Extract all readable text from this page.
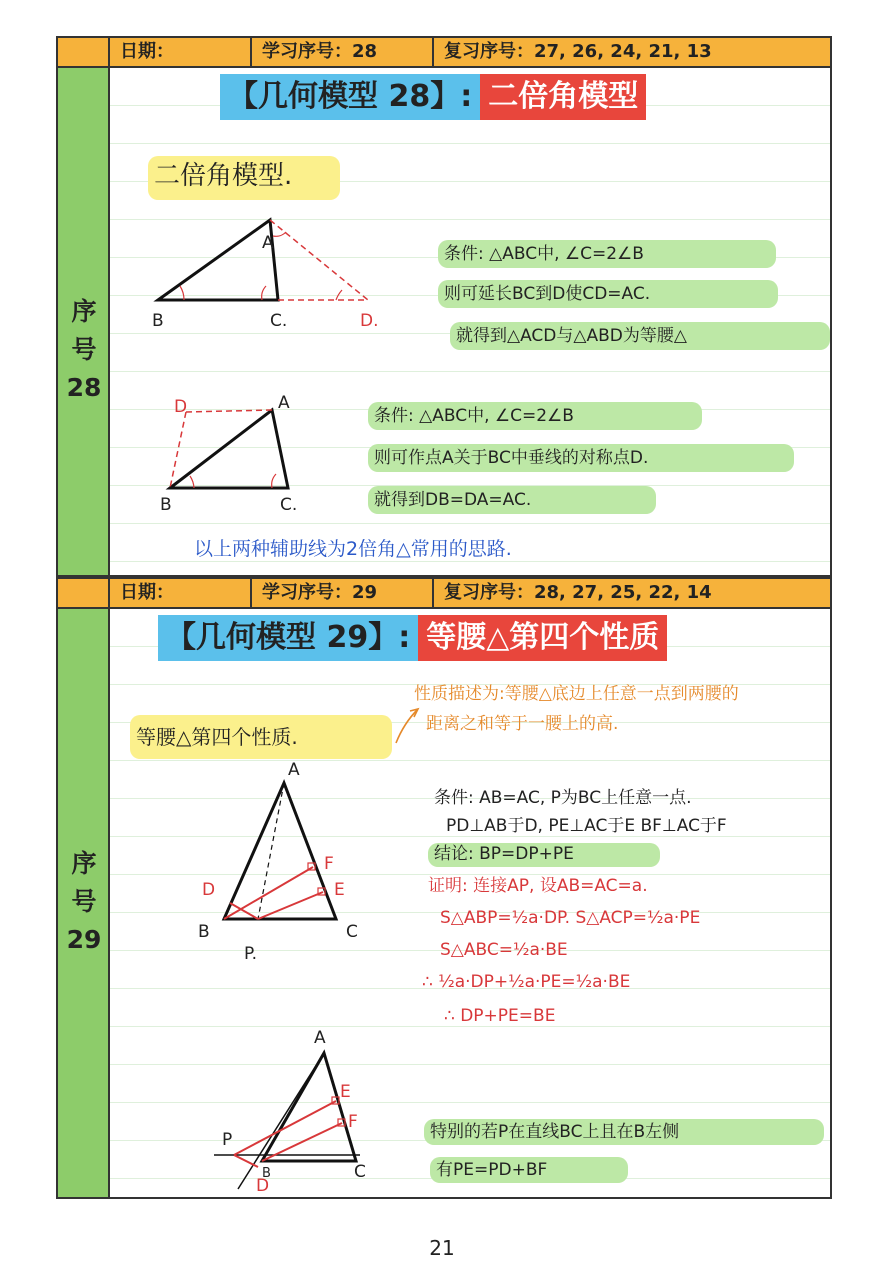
日期：	学习序号：28	复习序号：27, 26, 24, 21, 13
序
号
28
【几何模型 28】: 二倍角模型
二倍角模型.
A
B	C.	D.
条件: △ABC中, ∠C=2∠B
则可延长BC到D使CD=AC.
就得到△ACD与△ABD为等腰△
D	A
B	C.
条件: △ABC中, ∠C=2∠B
则可作点A关于BC中垂线的对称点D.
就得到DB=DA=AC.
以上两种辅助线为2倍角△常用的思路.
日期：	学习序号：29	复习序号：28, 27, 25, 22, 14
序
号
29
【几何模型 29】: 等腰△第四个性质
等腰△第四个性质.
性质描述为:等腰△底边上任意一点到两腰的
距离之和等于一腰上的高.
A
B	C
D	E
F
P.
条件: AB=AC, P为BC上任意一点.
PD⊥AB于D, PE⊥AC于E BF⊥AC于F
结论: BP=DP+PE
证明: 连接AP, 设AB=AC=a.
S△ABP=½a·DP. S△ACP=½a·PE
S△ABC=½a·BE
∴ ½a·DP+½a·PE=½a·BE
∴ DP+PE=BE
A
P
B	C
D
E
F	特别的若P在直线BC上且在B左侧
有PE=PD+BF
21
